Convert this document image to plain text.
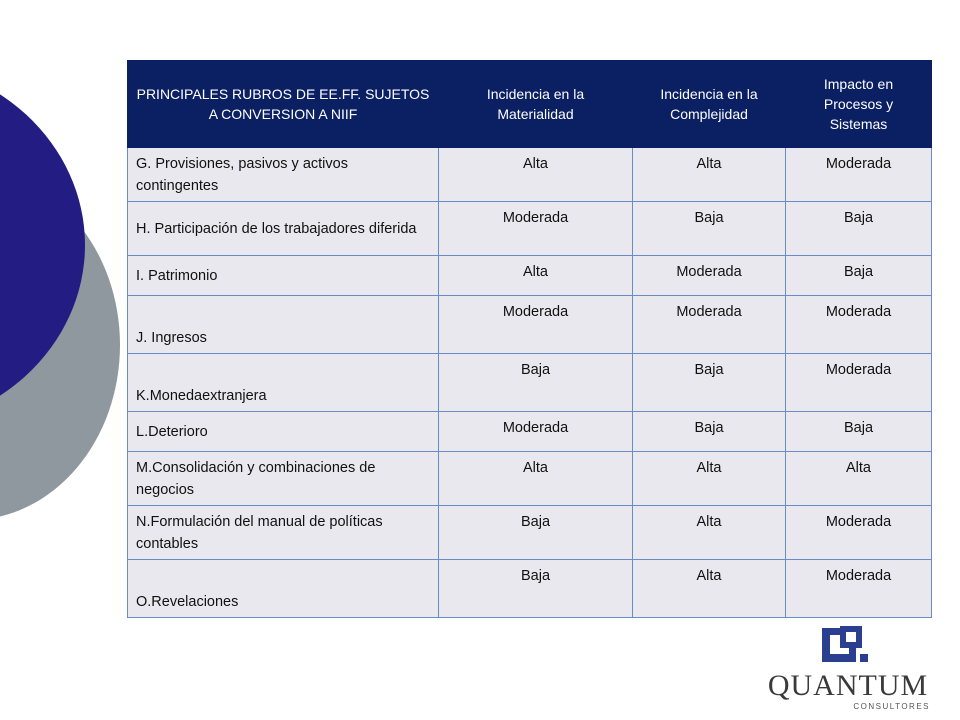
PRINCIPALES RUBROS DE EE.FF. SUJETOS A CONVERSION A NIIF	Incidencia en la Materialidad	Incidencia en la Complejidad	Impacto en Procesos y Sistemas
G. Provisiones, pasivos y activos contingentes	Alta	Alta	Moderada
H. Participación de los trabajadores diferida	Moderada	Baja	Baja
I. Patrimonio	Alta	Moderada	Baja
J. Ingresos	Moderada	Moderada	Moderada
K.Monedaextranjera	Baja	Baja	Moderada
L.Deterioro	Moderada	Baja	Baja
M.Consolidación y combinaciones de negocios	Alta	Alta	Alta
N.Formulación del manual de políticas contables	Baja	Alta	Moderada
O.Revelaciones	Baja	Alta	Moderada
QUANTUM
CONSULTORES
